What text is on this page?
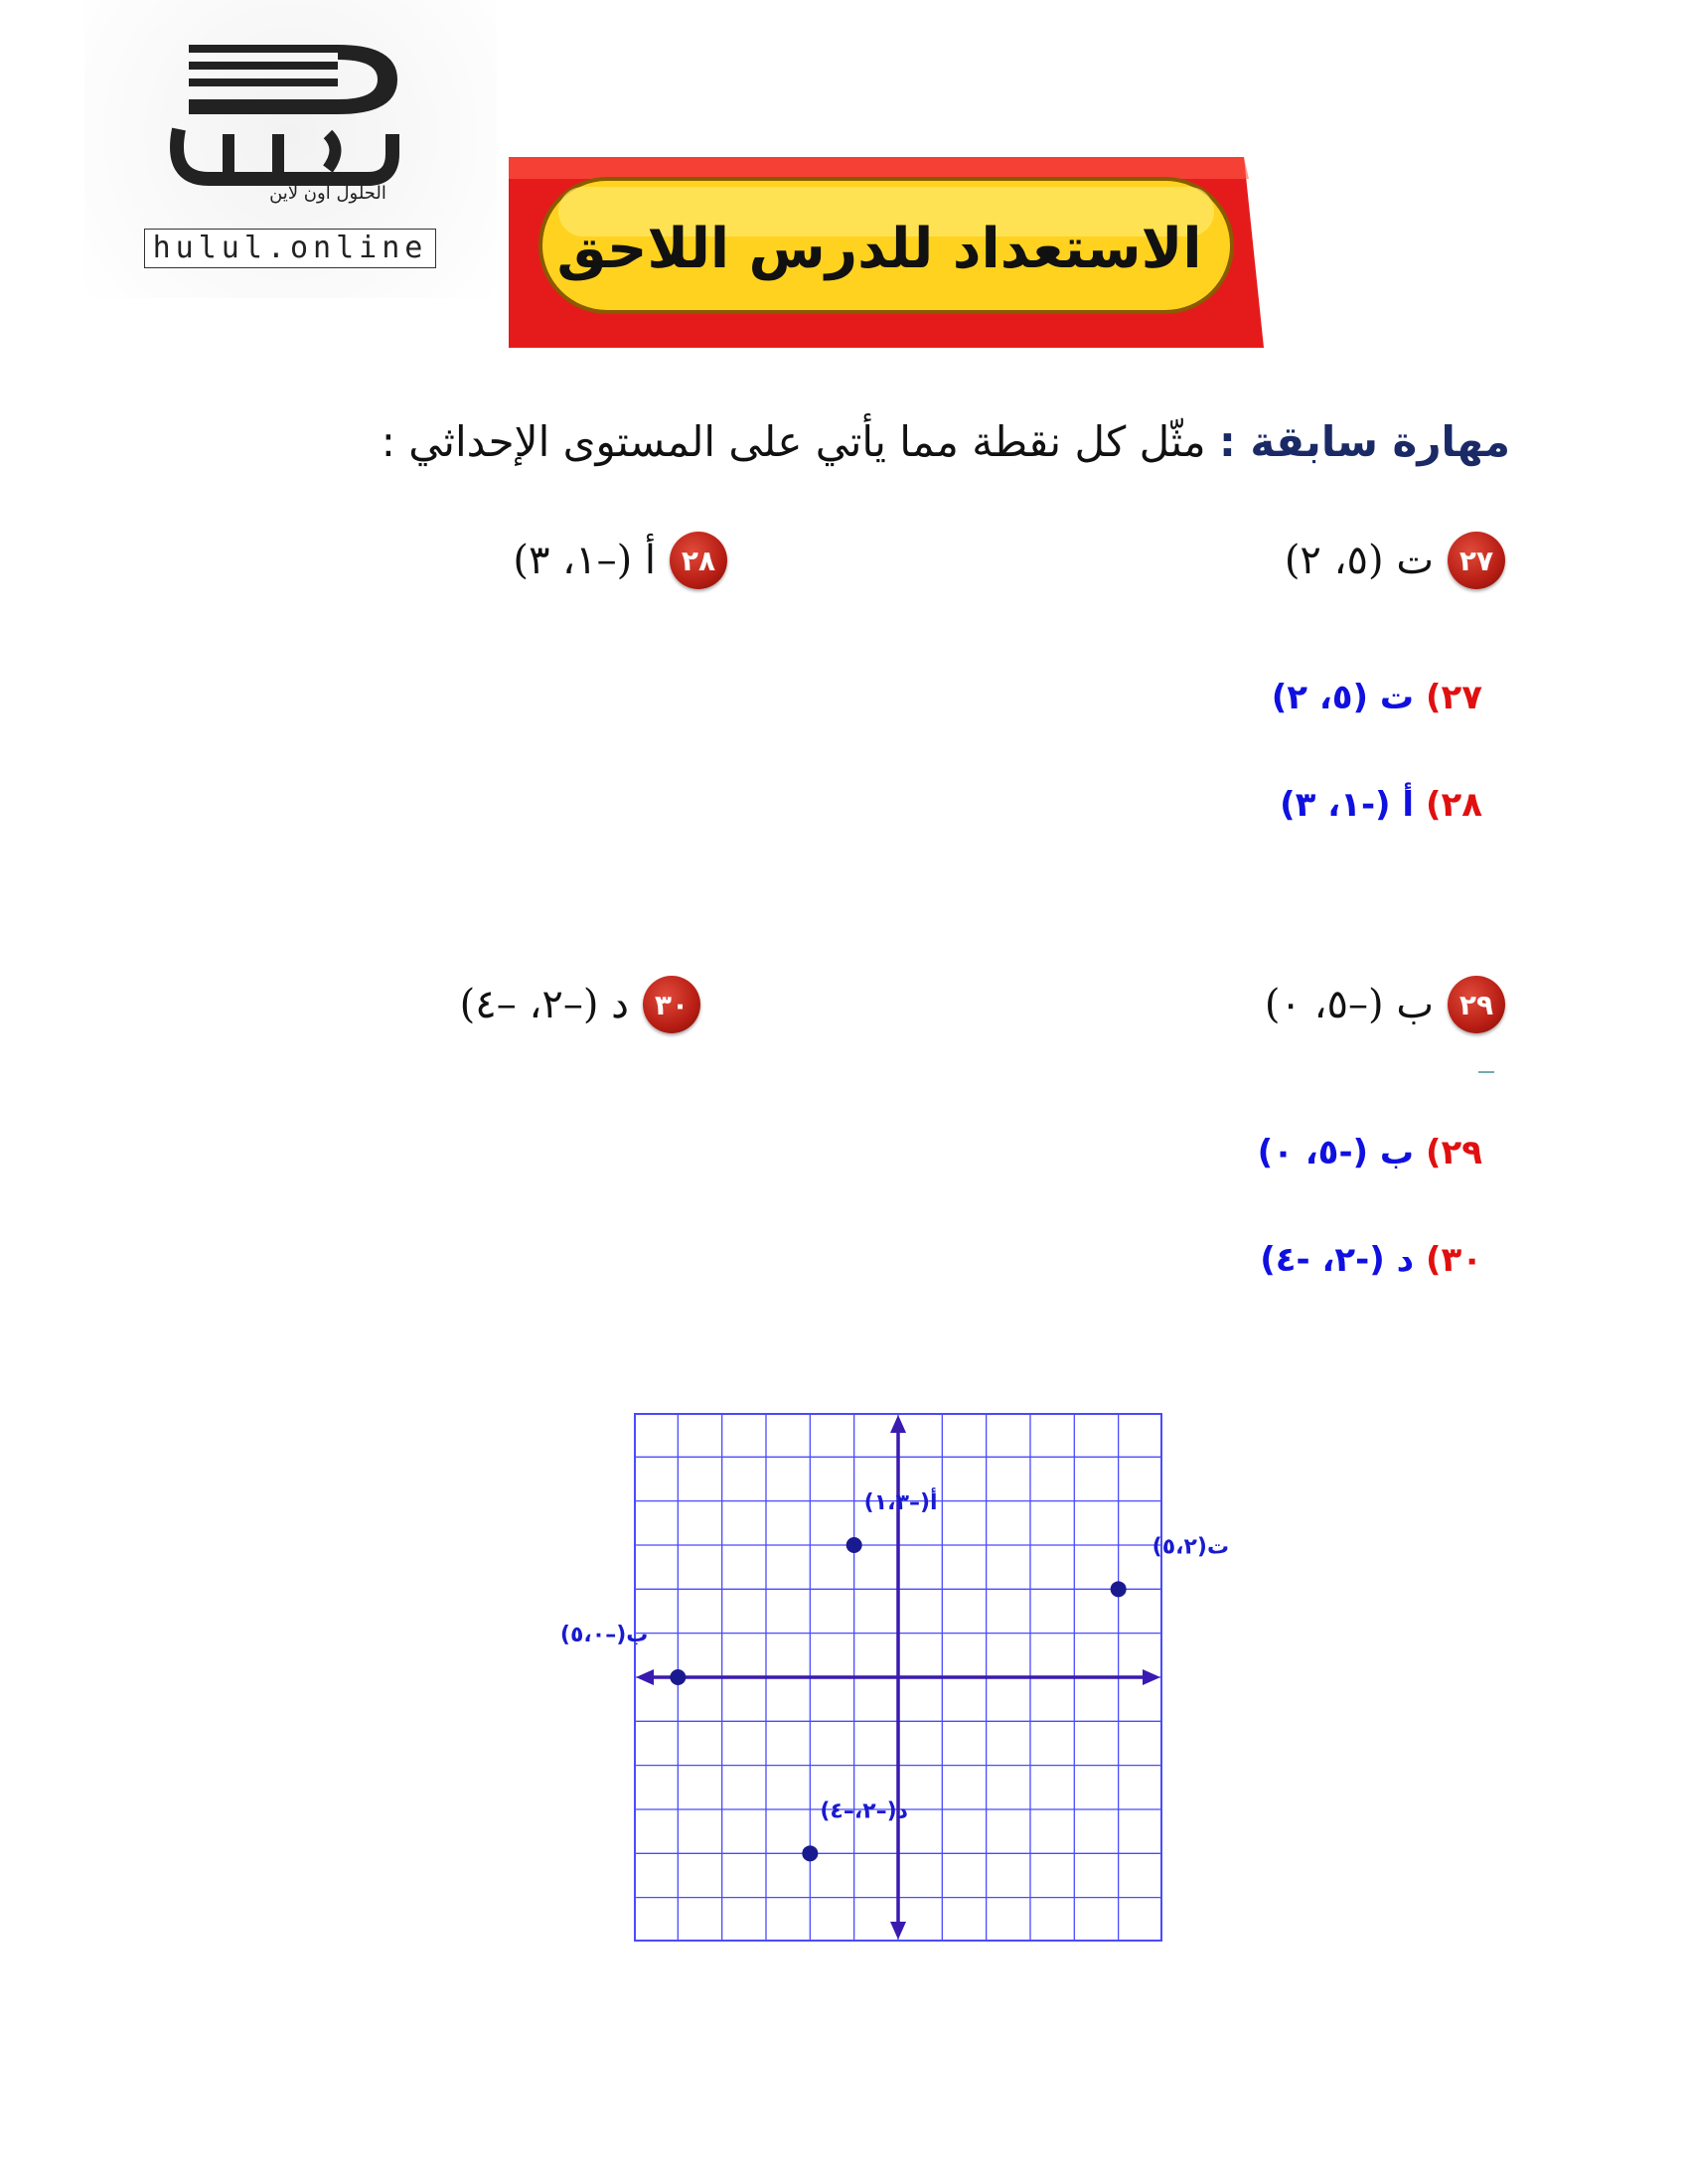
الحلول اون لاين
hulul.online	الاستعداد للدرس اللاحق
مهارة سابقة : مثّل كل نقطة مما يأتي على المستوى الإحداثي :
٢٧
ت (٥، ٢)
٢٨
أ (–١، ٣)
٢٩
ب (–٥، ٠)
٣٠
د (–٢، –٤)
٢٧) ت (٥، ٢)
٢٨) أ (-١، ٣)
٢٩) ب (-٥، ٠)
٣٠) د (-٢، -٤)
ت(٥،٢)
أ(–١،٣)
ب(–٥،٠)
د(–٢،–٤)
